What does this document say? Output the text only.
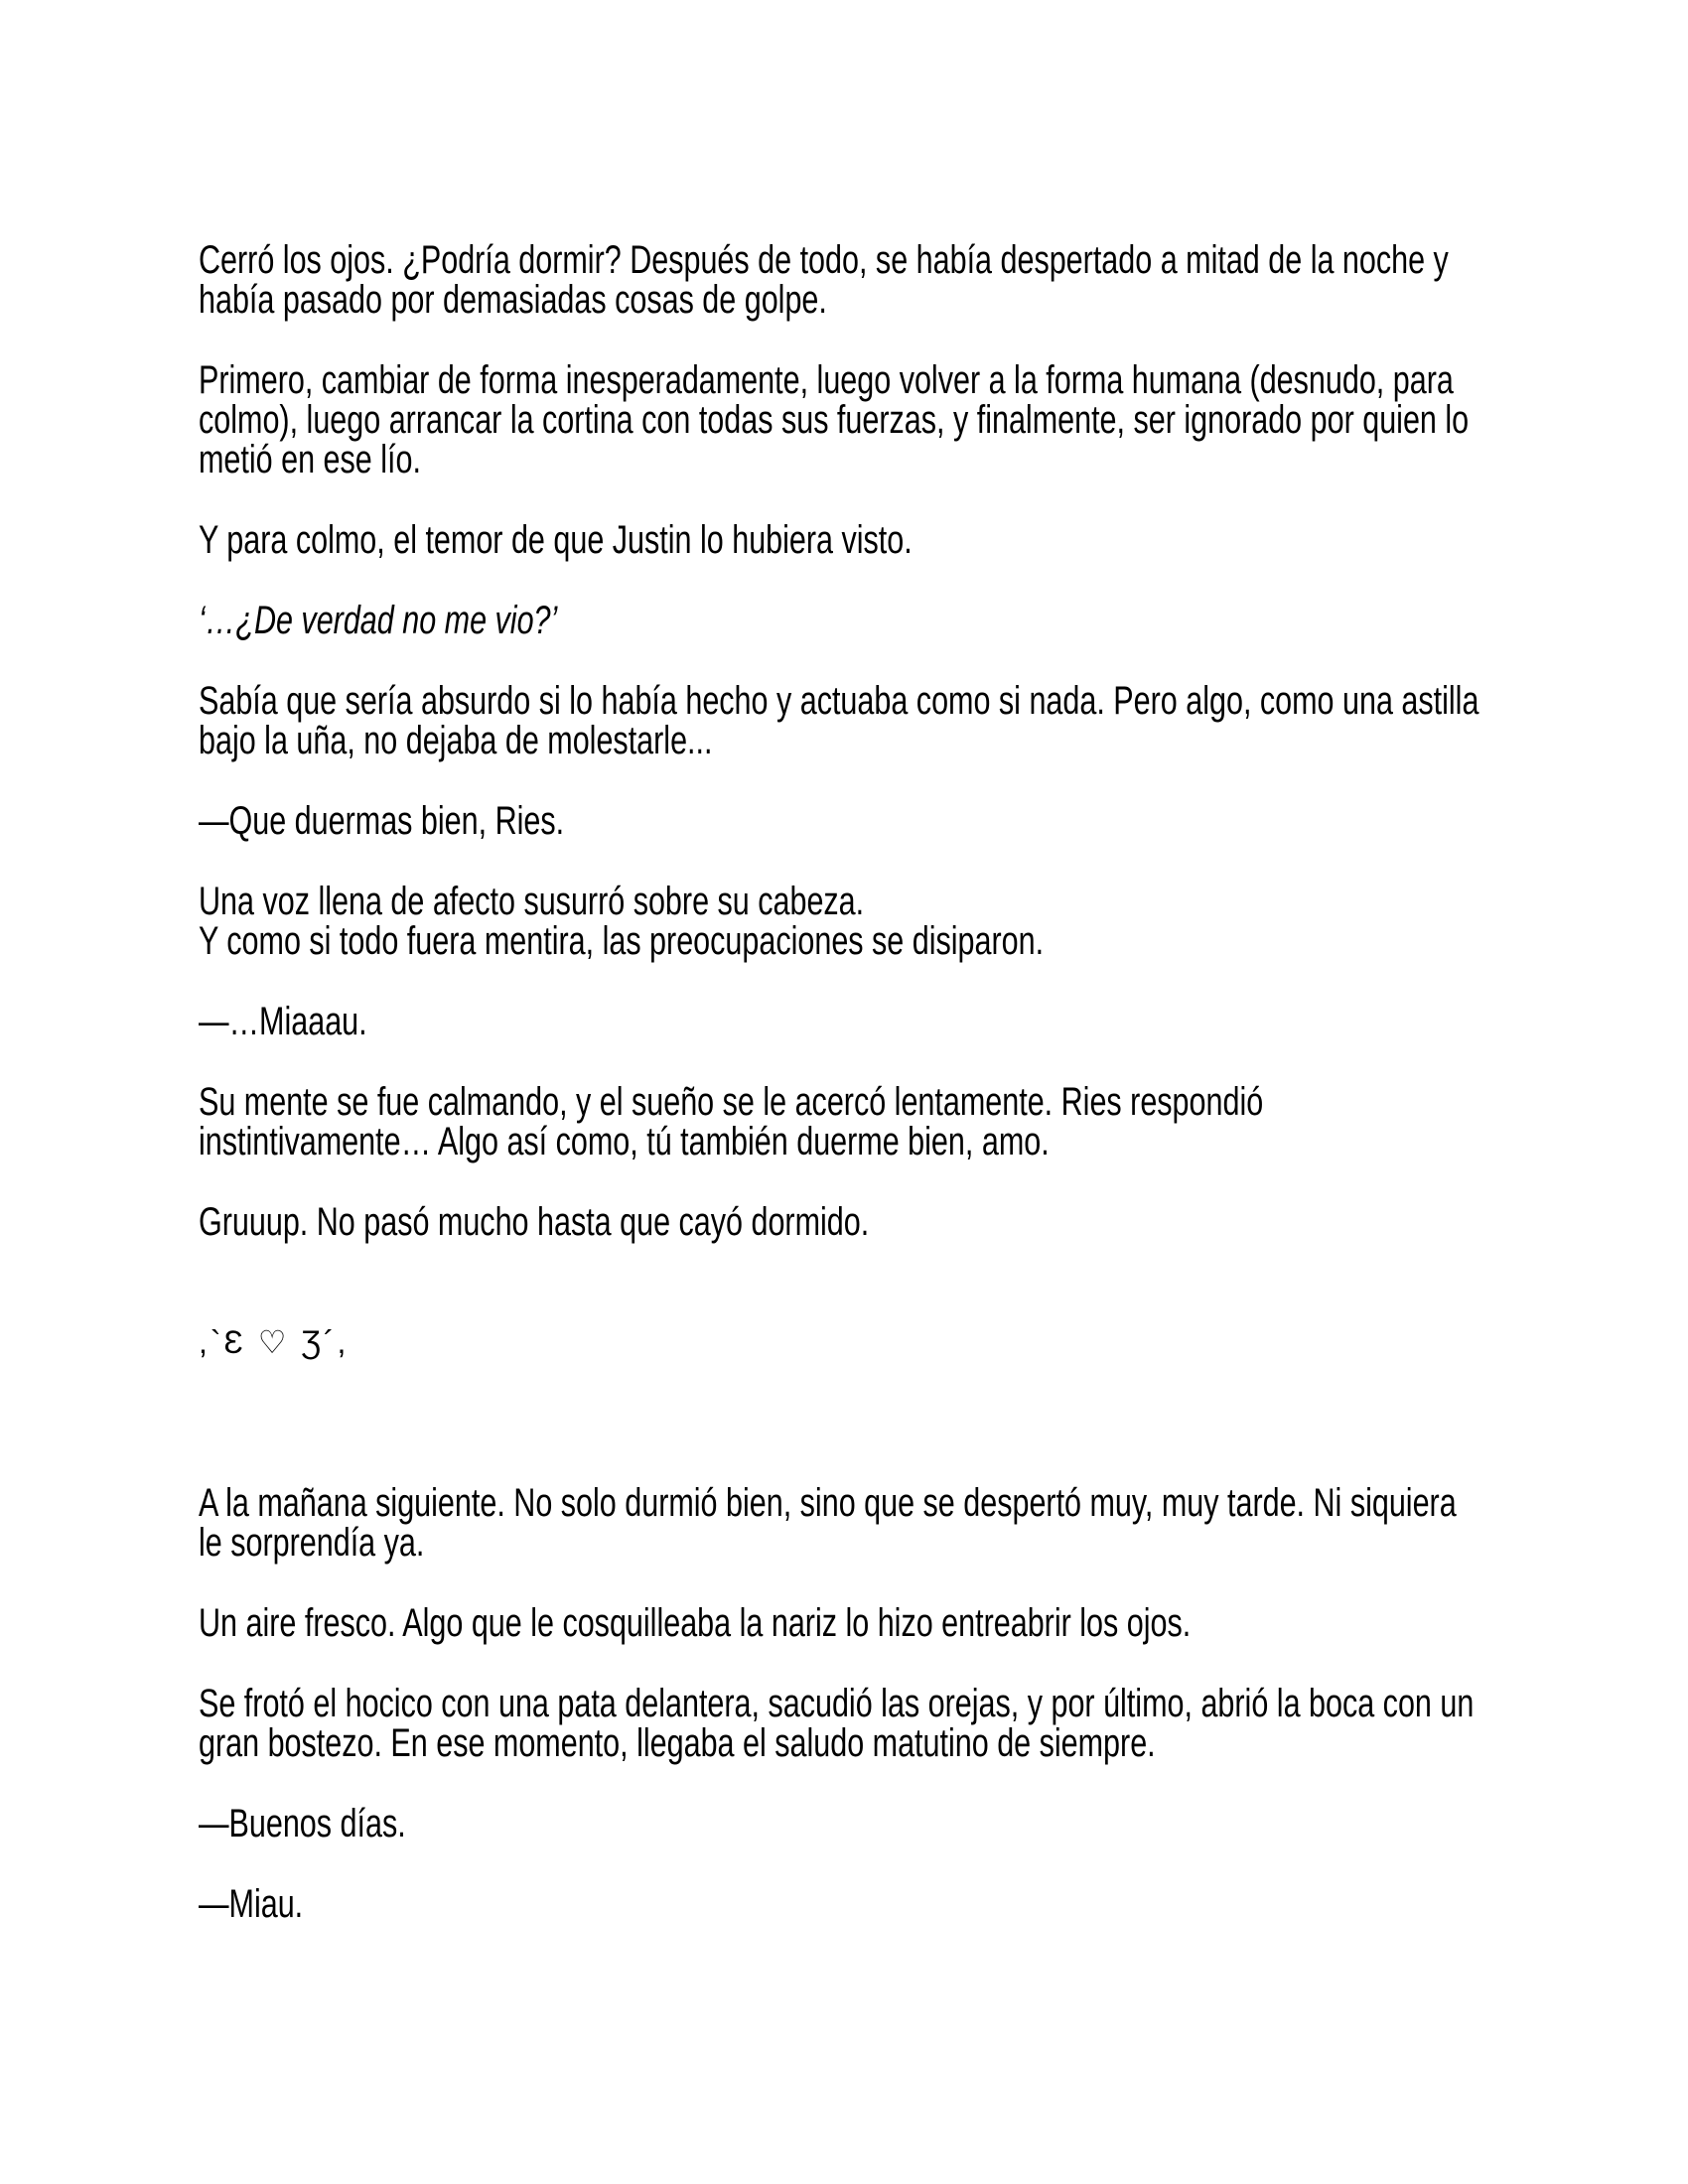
Cerró los ojos. ¿Podría dormir? Después de todo, se había despertado a mitad de la noche y
había pasado por demasiadas cosas de golpe.

Primero, cambiar de forma inesperadamente, luego volver a la forma humana (desnudo, para
colmo), luego arrancar la cortina con todas sus fuerzas, y finalmente, ser ignorado por quien lo
metió en ese lío.

Y para colmo, el temor de que Justin lo hubiera visto.

‘…¿De verdad no me vio?’

Sabía que sería absurdo si lo había hecho y actuaba como si nada. Pero algo, como una astilla
bajo la uña, no dejaba de molestarle...

—Que duermas bien, Ries.

Una voz llena de afecto susurró sobre su cabeza.
Y como si todo fuera mentira, las preocupaciones se disiparon.

—…Miaaau.

Su mente se fue calmando, y el sueño se le acercó lentamente. Ries respondió
instintivamente… Algo así como, tú también duerme bien, amo.

Gruuup. No pasó mucho hasta que cayó dormido.

,`Ɛ ♡ Ʒ´,

A la mañana siguiente. No solo durmió bien, sino que se despertó muy, muy tarde. Ni siquiera
le sorprendía ya.

Un aire fresco. Algo que le cosquilleaba la nariz lo hizo entreabrir los ojos.

Se frotó el hocico con una pata delantera, sacudió las orejas, y por último, abrió la boca con un
gran bostezo. En ese momento, llegaba el saludo matutino de siempre.

—Buenos días.

—Miau.
